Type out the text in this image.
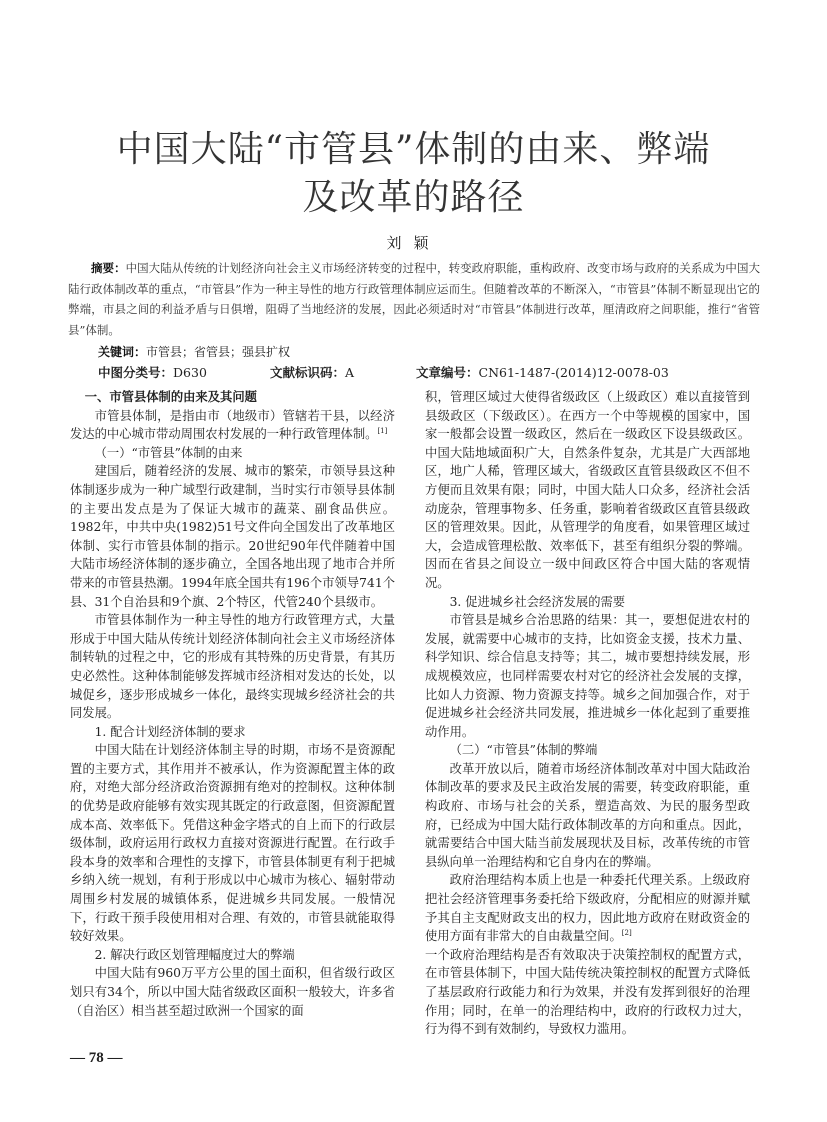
中国大陆“市管县”体制的由来、弊端
及改革的路径
刘颖
摘要：中国大陆从传统的计划经济向社会主义市场经济转变的过程中，转变政府职能，重构政府、改变市场与政府的关系成为中国大陆行政体制改革的重点，“市管县”作为一种主导性的地方行政管理体制应运而生。但随着改革的不断深入，“市管县”体制不断显现出它的弊端，市县之间的利益矛盾与日俱增，阻碍了当地经济的发展，因此必须适时对“市管县”体制进行改革，厘清政府之间职能，推行“省管县”体制。
关键词：市管县；省管县；强县扩权
中图分类号：D630	文献标识码：A	文章编号：CN61-1487-(2014)12-0078-03
一、市管县体制的由来及其问题

市管县体制，是指由市（地级市）管辖若干县，以经济发达的中心城市带动周围农村发展的一种行政管理体制。[1]

（一）“市管县”体制的由来

建国后，随着经济的发展、城市的繁荣，市领导县这种体制逐步成为一种广域型行政建制，当时实行市领导县体制的主要出发点是为了保证大城市的蔬菜、副食品供应。1982年，中共中央(1982)51号文件向全国发出了改革地区体制、实行市管县体制的指示。20世纪90年代伴随着中国大陆市场经济体制的逐步确立，全国各地出现了地市合并所带来的市管县热潮。1994年底全国共有196个市领导741个县、31个自治县和9个旗、2个特区，代管240个县级市。

市管县体制作为一种主导性的地方行政管理方式，大量形成于中国大陆从传统计划经济体制向社会主义市场经济体制转轨的过程之中，它的形成有其特殊的历史背景，有其历史必然性。这种体制能够发挥城市经济相对发达的长处，以城促乡，逐步形成城乡一体化，最终实现城乡经济社会的共同发展。

1. 配合计划经济体制的要求

中国大陆在计划经济体制主导的时期，市场不是资源配置的主要方式，其作用并不被承认，作为资源配置主体的政府，对绝大部分经济政治资源拥有绝对的控制权。这种体制的优势是政府能够有效实现其既定的行政意图，但资源配置成本高、效率低下。凭借这种金字塔式的自上而下的行政层级体制，政府运用行政权力直接对资源进行配置。在行政手段本身的效率和合理性的支撑下，市管县体制更有利于把城乡纳入统一规划，有利于形成以中心城市为核心、辐射带动周围乡村发展的城镇体系，促进城乡共同发展。一般情况下，行政干预手段使用相对合理、有效的，市管县就能取得较好效果。

2. 解决行政区划管理幅度过大的弊端

中国大陆有960万平方公里的国土面积，但省级行政区划只有34个，所以中国大陆省级政区面积一般较大，许多省（自治区）相当甚至超过欧洲一个国家的面

积，管理区域过大使得省级政区（上级政区）难以直接管到县级政区（下级政区）。在西方一个中等规模的国家中，国家一般都会设置一级政区，然后在一级政区下设县级政区。中国大陆地域面积广大，自然条件复杂，尤其是广大西部地区，地广人稀，管理区域大，省级政区直管县级政区不但不方便而且效果有限；同时，中国大陆人口众多，经济社会活动庞杂，管理事物多、任务重，影响着省级政区直管县级政区的管理效果。因此，从管理学的角度看，如果管理区域过大，会造成管理松散、效率低下，甚至有组织分裂的弊端。因而在省县之间设立一级中间政区符合中国大陆的客观情况。

3. 促进城乡社会经济发展的需要

市管县是城乡合治思路的结果：其一，要想促进农村的发展，就需要中心城市的支持，比如资金支援，技术力量、科学知识、综合信息支持等；其二，城市要想持续发展，形成规模效应，也同样需要农村对它的经济社会发展的支撑，比如人力资源、物力资源支持等。城乡之间加强合作，对于促进城乡社会经济共同发展，推进城乡一体化起到了重要推动作用。

（二）“市管县”体制的弊端

改革开放以后，随着市场经济体制改革对中国大陆政治体制改革的要求及民主政治发展的需要，转变政府职能，重构政府、市场与社会的关系，塑造高效、为民的服务型政府，已经成为中国大陆行政体制改革的方向和重点。因此，就需要结合中国大陆当前发展现状及目标，改革传统的市管县纵向单一治理结构和它自身内在的弊端。

政府治理结构本质上也是一种委托代理关系。上级政府把社会经济管理事务委托给下级政府，分配相应的财源并赋予其自主支配财政支出的权力，因此地方政府在财政资金的使用方面有非常大的自由裁量空间。[2]

一个政府治理结构是否有效取决于决策控制权的配置方式，在市管县体制下，中国大陆传统决策控制权的配置方式降低了基层政府行政能力和行为效果，并没有发挥到很好的治理作用；同时，在单一的治理结构中，政府的行政权力过大，行为得不到有效制约，导致权力滥用。

— 78 —
